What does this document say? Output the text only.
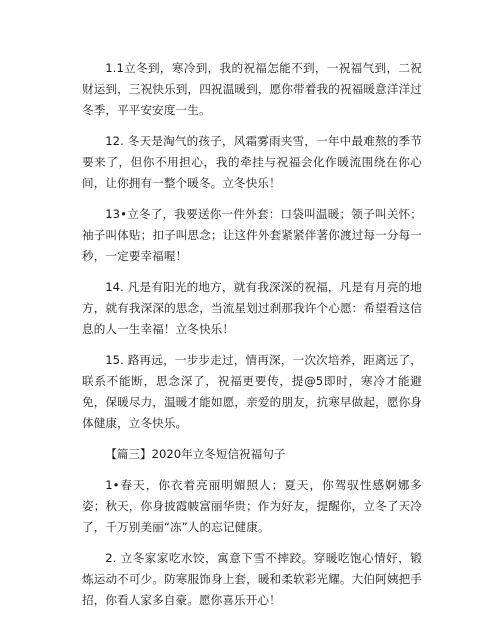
1.1立冬到，寒冷到，我的祝福怎能不到，一祝福气到，二祝财运到，三祝快乐到，四祝温暖到，愿你带着我的祝福暖意洋洋过冬季，平平安安度一生。

12. 冬天是淘气的孩子，风霜雾雨夹雪，一年中最难熬的季节要来了，但你不用担心，我的牵挂与祝福会化作暖流围绕在你心间，让你拥有一整个暖冬。立冬快乐！

13•立冬了，我要送你一件外套：口袋叫温暖；领子叫关怀；袖子叫体贴；扣子叫思念；让这件外套紧紧伴著你渡过每一分每一秒，一定要幸福喔！

14. 凡是有阳光的地方，就有我深深的祝福，凡是有月亮的地方，就有我深深的思念，当流星划过刹那我许个心愿：希望看这信息的人一生幸福！立冬快乐！

15. 路再远，一步步走过，情再深，一次次培养，距离远了，联系不能断，思念深了，祝福更要传，提@5即时，寒冷才能避免，保暖尽力，温暖才能如愿，亲爱的朋友，抗寒早做起，愿你身体健康，立冬快乐。

【篇三】2020年立冬短信祝福句子

1•春天，你衣着亮丽明媚照人；夏天，你驾驭性感婀娜多姿；秋天，你身披霞帔富丽华贵；作为好友，提醒你，立冬了天冷了，千万别美丽“冻”人的忘记健康。

2. 立冬家家吃水饺，寓意下雪不摔跤。穿暖吃饱心情好，锻炼运动不可少。防寒服饰身上套，暖和柔软彩光耀。大伯阿姨把手招，你看人家多自豪。愿你喜乐开心！
